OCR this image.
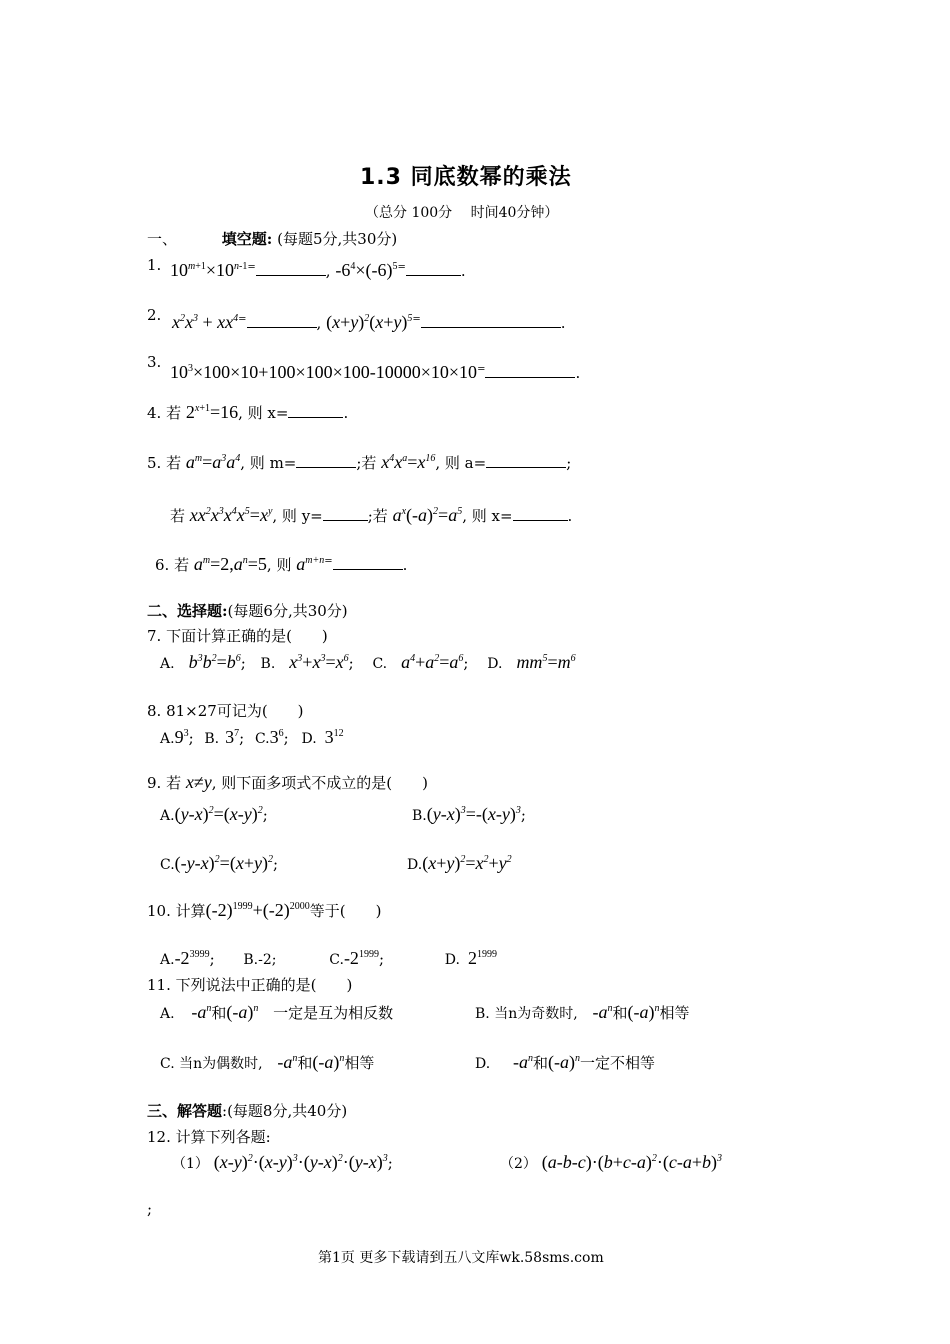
1.3 同底数幂的乘法
（总分 100分　 时间40分钟）
一、	填空题: (每题5分,共30分)
1. $10^{m+1}\times 10^{n-1=}$	, $-6^4\times(-6)^{5=}$	.
2. $x^2x^3 + xx^{4=}$	, $(x+y)^2(x+y)^{5=}$	.
3. $10^3\times 100\times 10+100\times 100\times 100-10000\times 10\times 10^=$	.
4. 若 $2^{x+1}=16$, 则 x=	.
5. 若 $a^m=a^3a^4$, 则 m=	;若 $x^4x^a=x^{16}$, 则 a=	;
若 $xx^2x^3x^4x^5=x^y$, 则 y=	;若 $a^x(-a)^2=a^5$, 则 x=	.
6. 若 $a^m=2,a^n=5$, 则 $a^{m+n=}$	.
二、选择题:(每题6分,共30分)
7. 下面计算正确的是(　　)
A. $b^3b^2=b^6$; B. $x^3+x^3=x^6$; C. $a^4+a^2=a^6$; D. $mm^5=m^6$
8. 81×27可记为(　　)
$A.9^3$; B. $3^7$; $C.3^6$; D. $3^{12}$
9. 若 x≠y, 则下面多项式不成立的是(　　)
$A.(y-x)^2=(x-y)^2$;	$B.(y-x)^3=-(x-y)^3$;
$C.(-y-x)^2=(x+y)^2$;	$D.(x+y)^2=x^2+y^2$
10. 计算$(-2)^{1999}+(-2)^{2000}$等于(　　)
$A.-2^{3999}$; B.-2;	$C.-2^{1999}$;	D. $2^{1999}$
11. 下列说法中正确的是(　　)
A. $-a^n$和$(-a)^n$ 一定是互为相反数	B. 当n为奇数时, $-a^n$和$(-a)^n$相等
C. 当n为偶数时, $-a^n$和$(-a)^n$相等	D. $-a^n$和$(-a)^n$一定不相等
三、解答题:(每题8分,共40分)
12. 计算下列各题:
（1） $(x-y)^2\cdot(x-y)^3\cdot(y-x)^2\cdot(y-x)^3$;	（2） $(a-b-c)\cdot(b+c-a)^2\cdot(c-a+b)^3$
;
第1页 更多下载请到五八文库wk.58sms.com
